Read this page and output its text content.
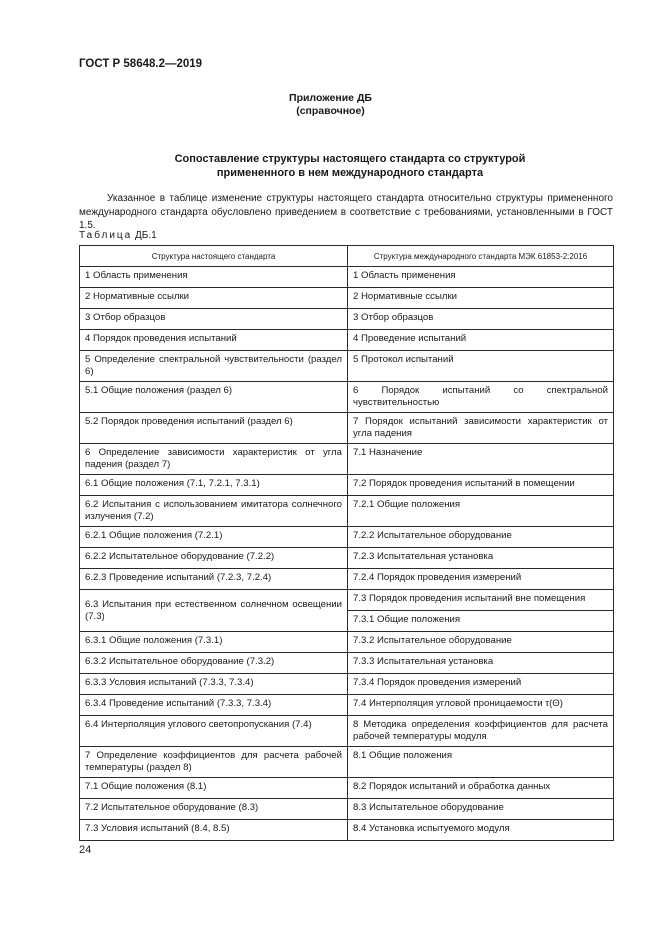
ГОСТ Р 58648.2—2019
Приложение ДБ
(справочное)
Сопоставление структуры настоящего стандарта со структурой
примененного в нем международного стандарта

Указанное в таблице изменение структуры настоящего стандарта относительно структуры примененного международного стандарта обусловлено приведением в соответствие с требованиями, установленными в ГОСТ 1.5.

Таблица ДБ.1
Структура настоящего стандарта	Структура международного стандарта МЭК 61853-2:2016
1 Область применения	1 Область применения
2 Нормативные ссылки	2 Нормативные ссылки
3 Отбор образцов	3 Отбор образцов
4 Порядок проведения испытаний	4 Проведение испытаний
5 Определение спектральной чувствительности (раздел 6)	5 Протокол испытаний
5.1 Общие положения (раздел 6)	6 Порядок испытаний со спектральной чувствительностью
5.2 Порядок проведения испытаний (раздел 6)	7 Порядок испытаний зависимости характеристик от угла падения
6 Определение зависимости характеристик от угла падения (раздел 7)	7.1 Назначение
6.1 Общие положения (7.1, 7.2.1, 7.3.1)	7.2 Порядок проведения испытаний в помещении
6.2 Испытания с использованием имитатора солнечного излучения (7.2)	7.2.1 Общие положения
6.2.1 Общие положения (7.2.1)	7.2.2 Испытательное оборудование
6.2.2 Испытательное оборудование (7.2.2)	7.2.3 Испытательная установка
6.2.3 Проведение испытаний (7.2.3, 7.2.4)	7.2.4 Порядок проведения измерений
6.3 Испытания при естественном солнечном освещении (7.3)	7.3 Порядок проведения испытаний вне помещения
	7.3.1 Общие положения
6.3.1 Общие положения (7.3.1)	7.3.2 Испытательное оборудование
6.3.2 Испытательное оборудование (7.3.2)	7.3.3 Испытательная установка
6.3.3 Условия испытаний (7.3.3, 7.3.4)	7.3.4 Порядок проведения измерений
6.3.4 Проведение испытаний (7.3.3, 7.3.4)	7.4 Интерполяция угловой проницаемости τ(Θ)
6.4 Интерполяция углового светопропускания (7.4)	8 Методика определения коэффициентов для расчета рабочей температуры модуля
7 Определение коэффициентов для расчета рабочей температуры (раздел 8)	8.1 Общие положения
7.1 Общие положения (8.1)	8.2 Порядок испытаний и обработка данных
7.2 Испытательное оборудование (8.3)	8.3 Испытательное оборудование
7.3 Условия испытаний (8.4, 8.5)	8.4 Установка испытуемого модуля
24
